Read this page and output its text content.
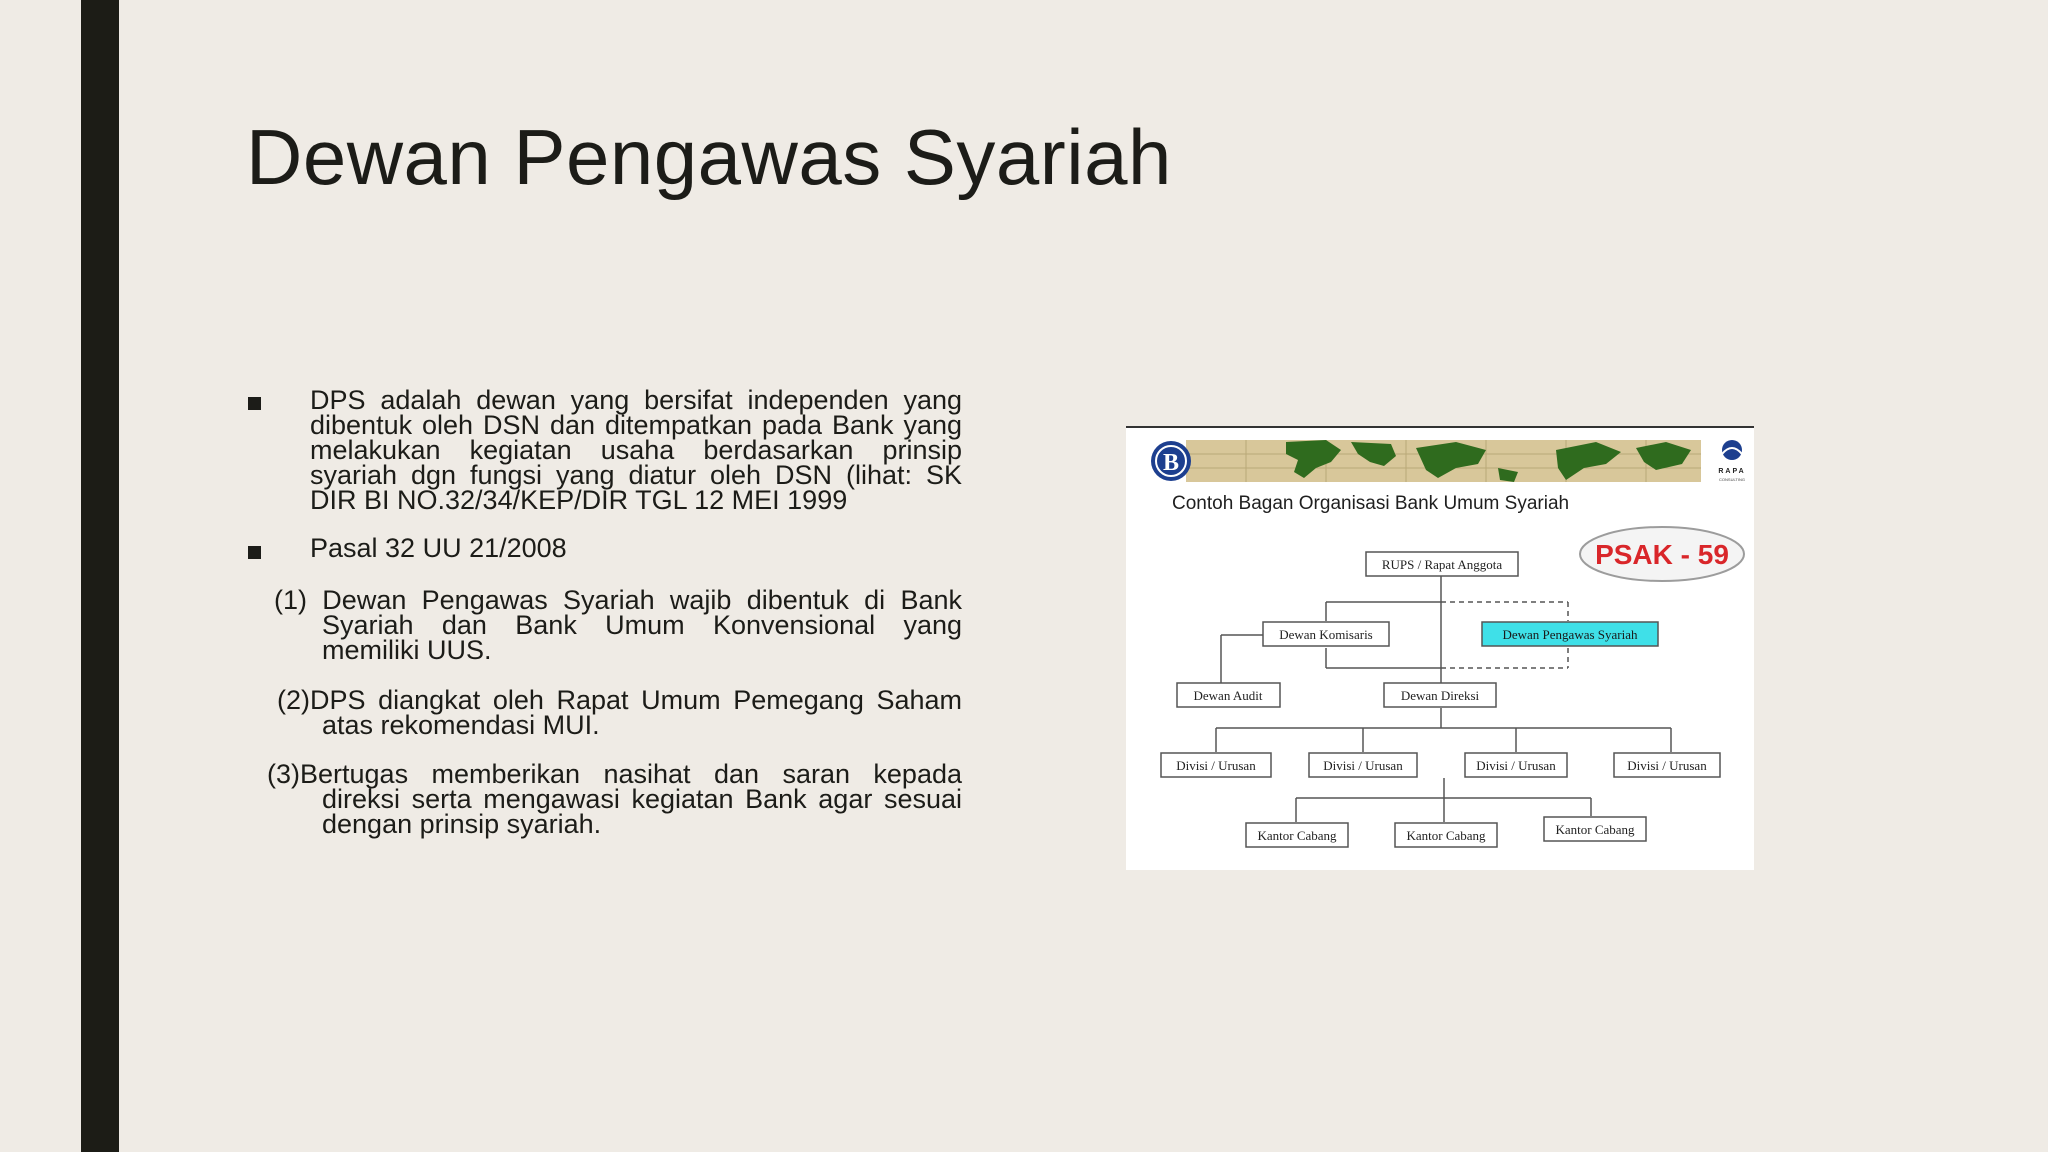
Dewan Pengawas Syariah

DPS adalah dewan yang bersifat independen yang dibentuk oleh DSN dan ditempatkan pada Bank yang melakukan kegiatan usaha berdasarkan prinsip syariah dgn fungsi yang diatur oleh DSN (lihat: SK DIR BI NO.32/34/KEP/DIR TGL 12 MEI 1999

Pasal 32 UU 21/2008

(1) Dewan Pengawas Syariah wajib dibentuk di Bank Syariah dan Bank Umum Konvensional yang memiliki UUS.

(2)DPS diangkat oleh Rapat Umum Pemegang Saham atas rekomendasi MUI.

(3)Bertugas memberikan nasihat dan saran kepada direksi serta mengawasi kegiatan Bank agar sesuai dengan prinsip syariah.

B	RAPA
CONSULTING
Contoh Bagan Organisasi Bank Umum Syariah
PSAK - 59
RUPS / Rapat Anggota
Dewan Komisaris	Dewan Pengawas Syariah
Dewan Audit	Dewan Direksi
Divisi / Urusan	Divisi / Urusan	Divisi / Urusan	Divisi / Urusan
Kantor Cabang	Kantor Cabang	Kantor Cabang
